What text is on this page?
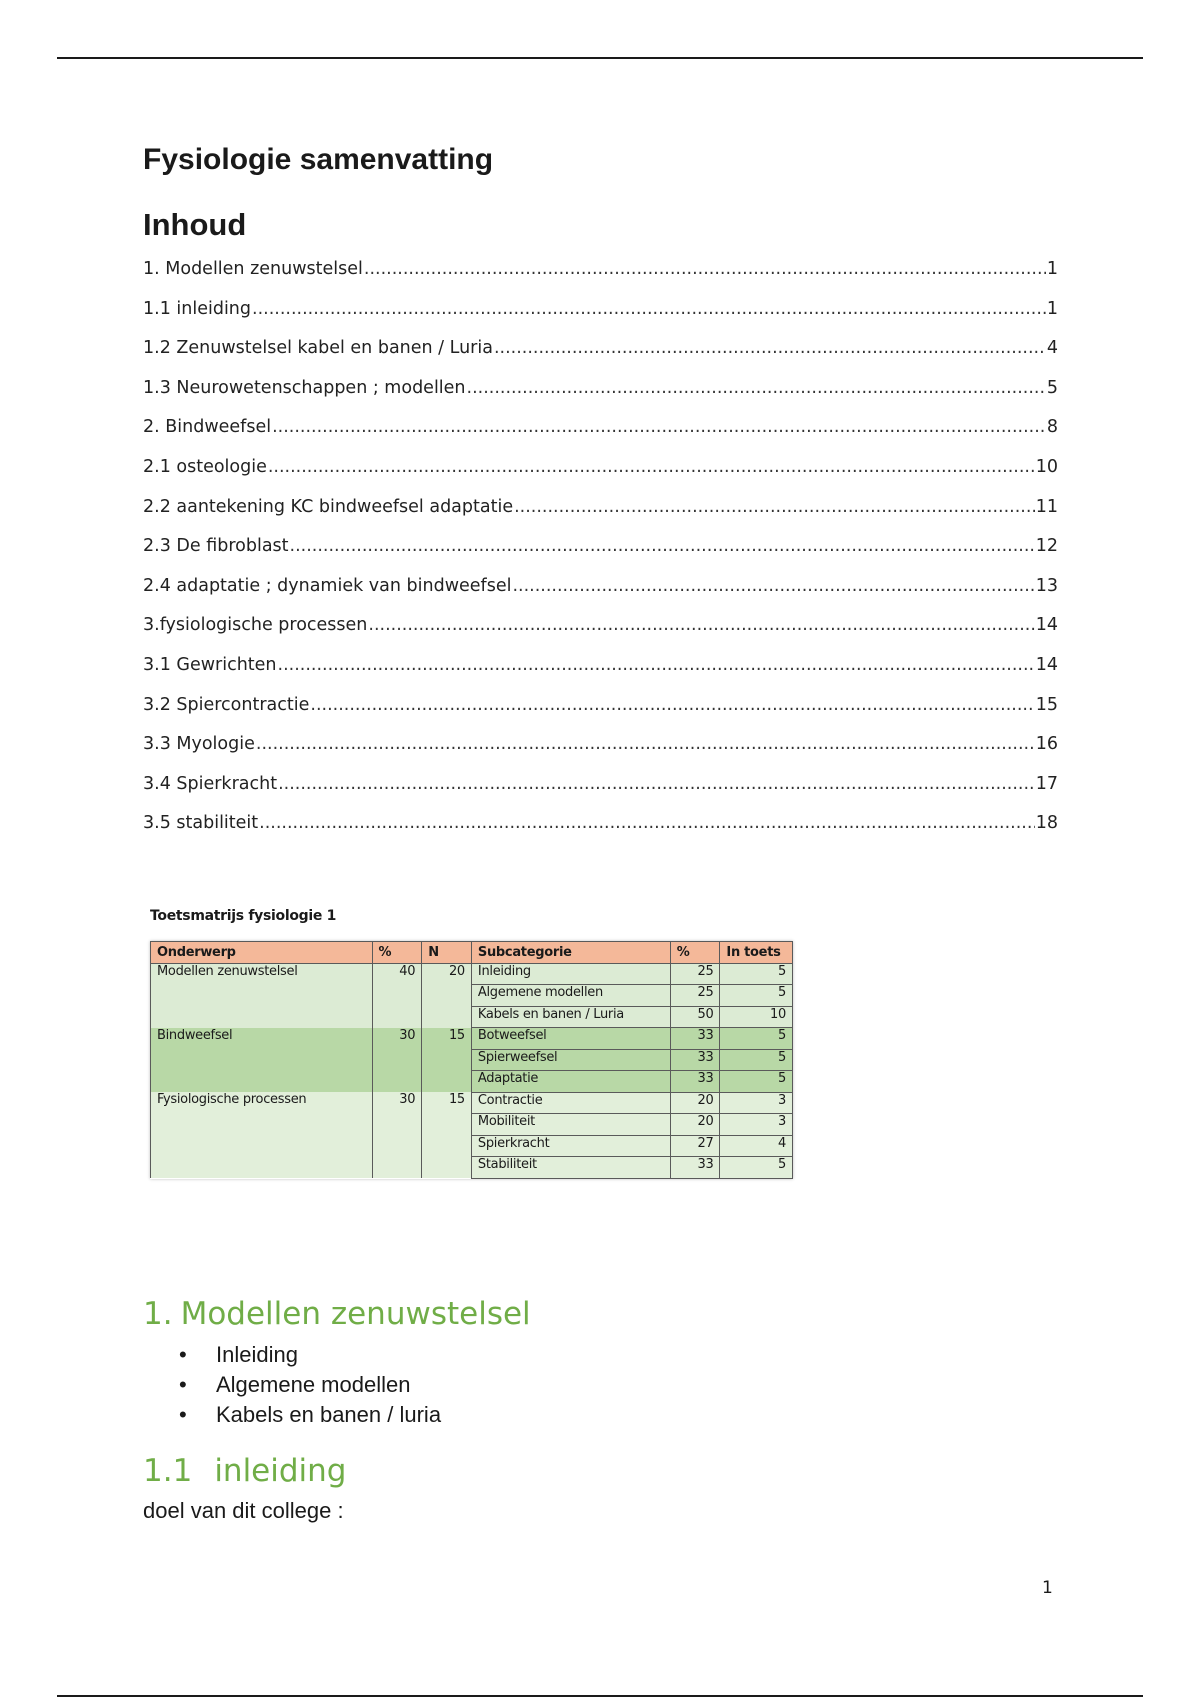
Fysiologie samenvatting
Inhoud
1. Modellen zenuwstelsel .....	1
1.1 inleiding .....	1
1.2 Zenuwstelsel kabel en banen / Luria .....	4
1.3 Neurowetenschappen ; modellen .....	5
2. Bindweefsel .....	8
2.1 osteologie .....	10
2.2 aantekening KC bindweefsel adaptatie .....	11
2.3 De fibroblast .....	12
2.4 adaptatie ; dynamiek van bindweefsel .....	13
3.fysiologische processen .....	14
3.1 Gewrichten .....	14
3.2 Spiercontractie .....	15
3.3 Myologie .....	16
3.4 Spierkracht .....	17
3.5 stabiliteit .....	18
Toetsmatrijs fysiologie 1
Onderwerp	%	N	Subcategorie	%	In toets
Modellen zenuwstelsel	40	20	Inleiding	25	5
			Algemene modellen	25	5
			Kabels en banen / Luria	50	10
Bindweefsel	30	15	Botweefsel	33	5
			Spierweefsel	33	5
			Adaptatie	33	5
Fysiologische processen	30	15	Contractie	20	3
			Mobiliteit	20	3
			Spierkracht	27	4
			Stabiliteit	33	5
1. Modellen zenuwstelsel
• Inleiding
• Algemene modellen
• Kabels en banen / luria
1.1 inleiding
doel van dit college :
1
